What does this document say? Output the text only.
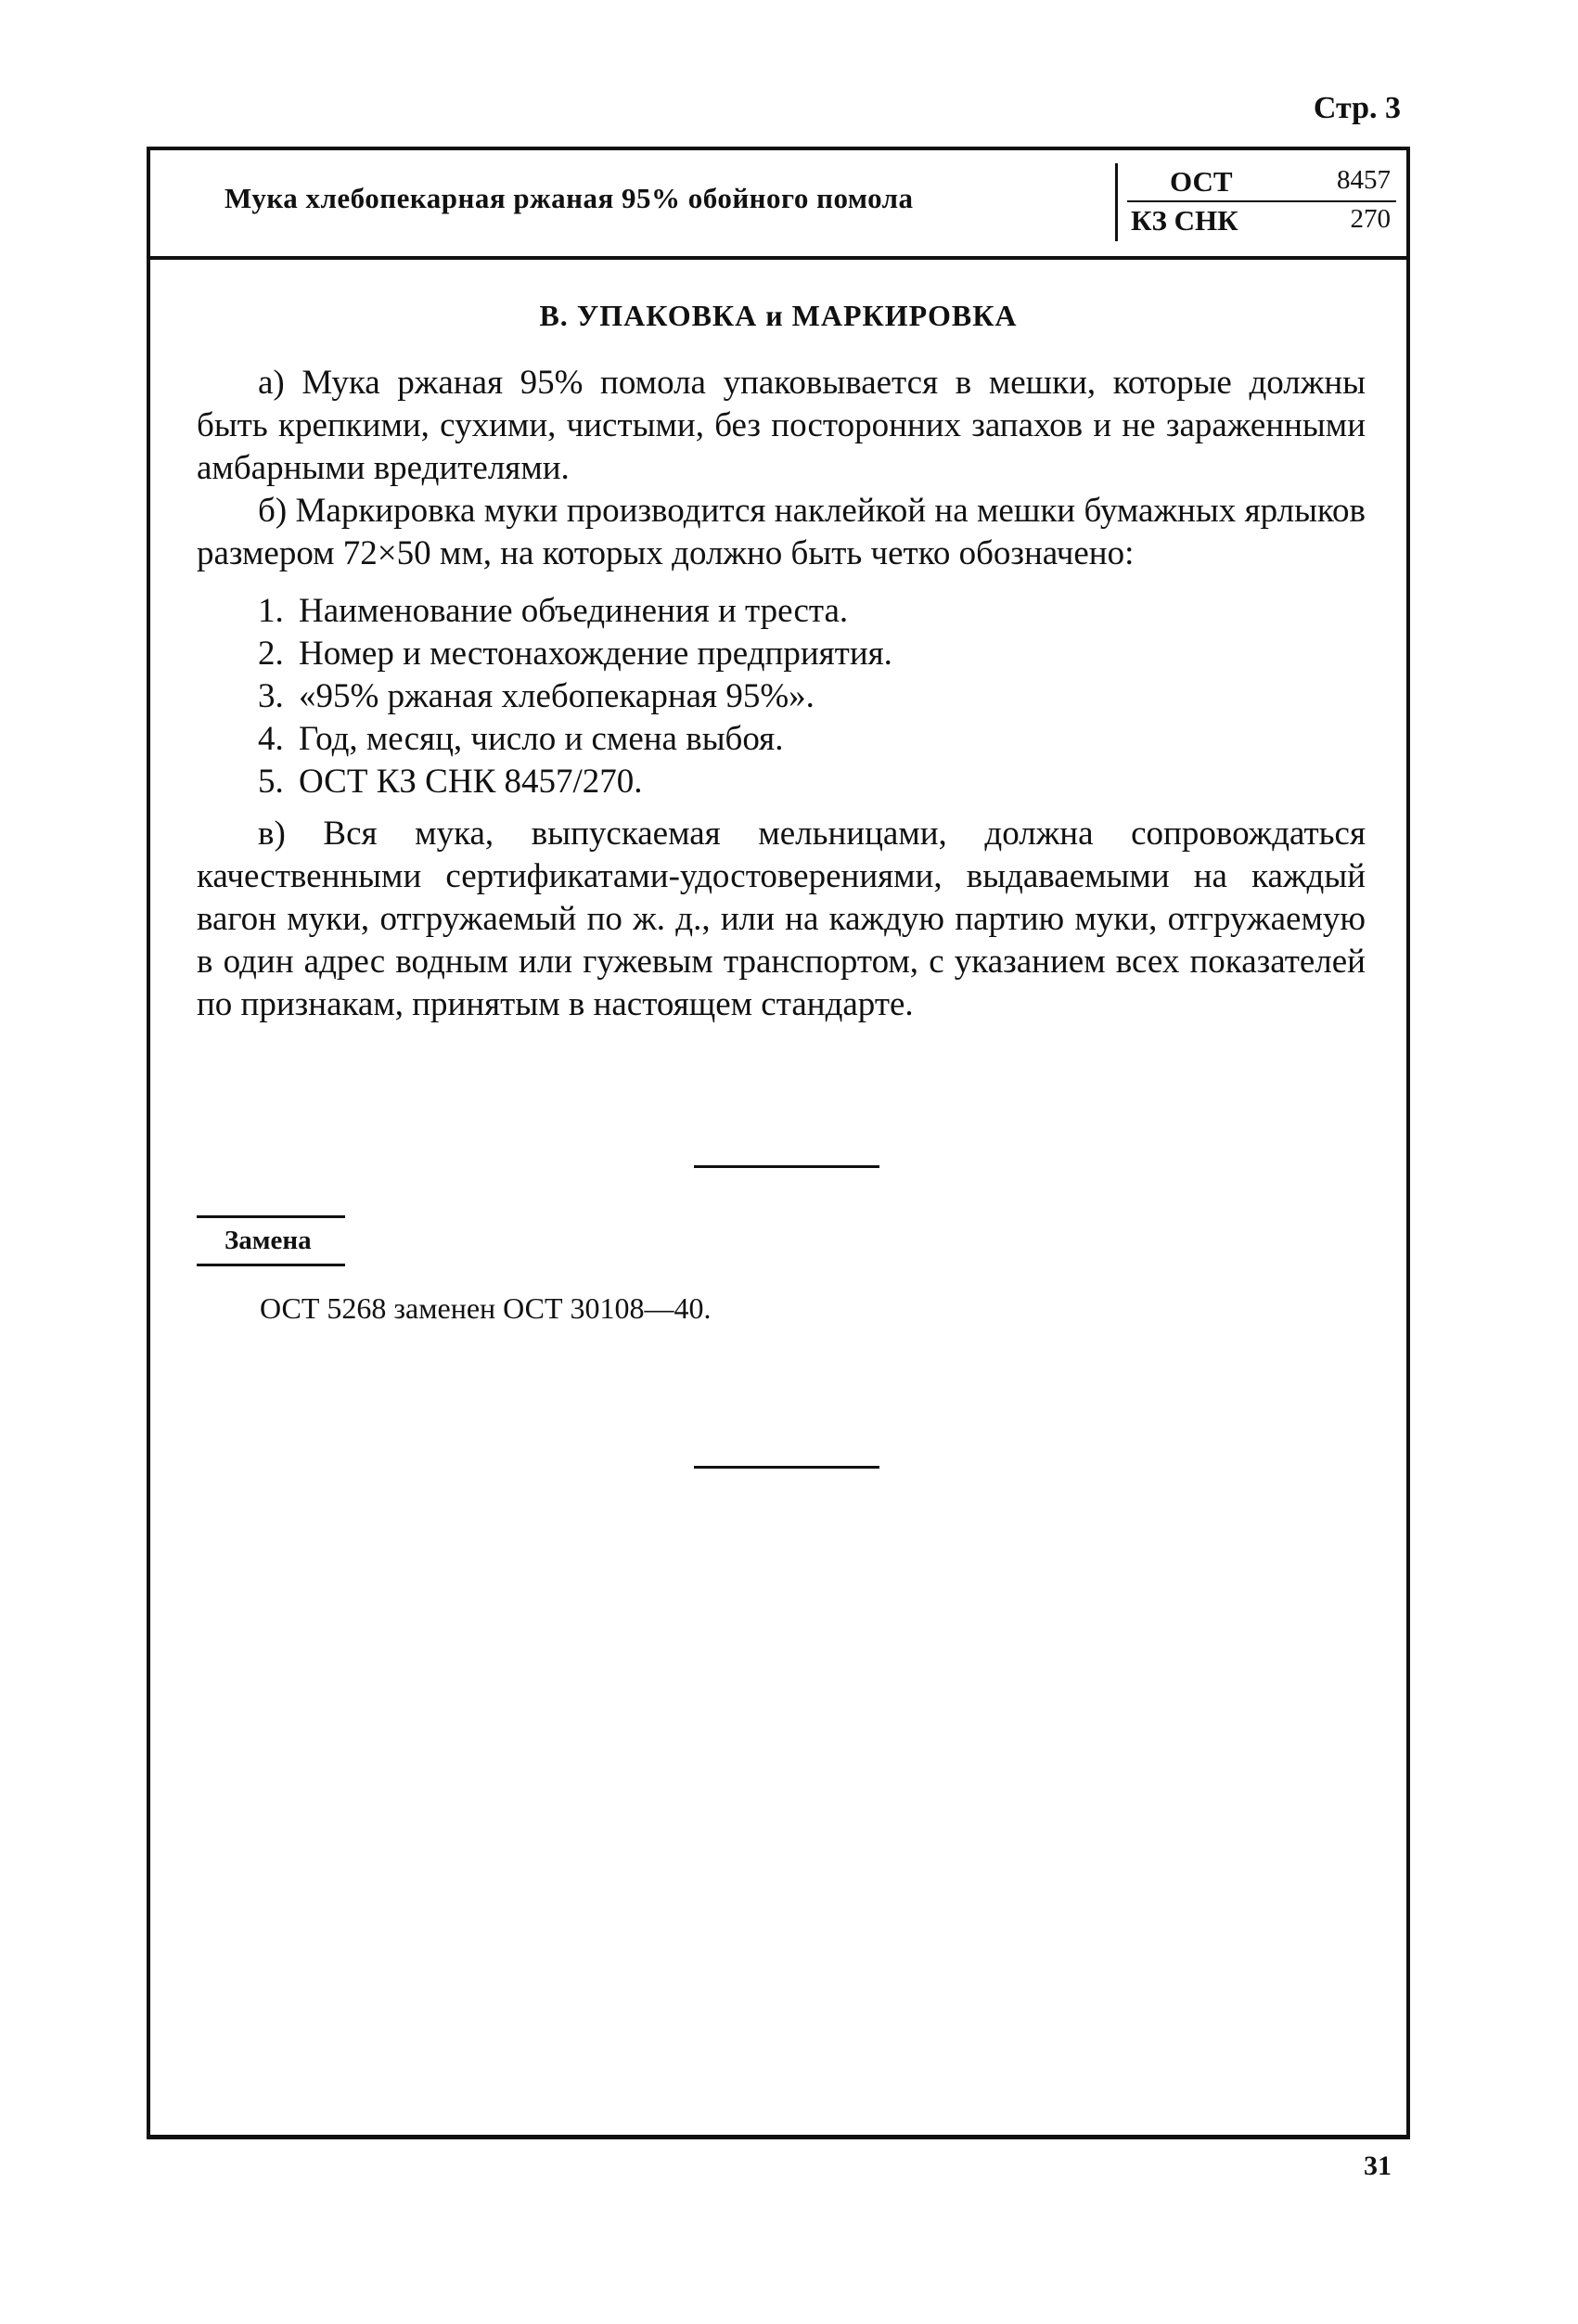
Стр. 3
Мука хлебопекарная ржаная 95% обойного помола
ОСТ	8457
КЗ СНК	270
В. УПАКОВКА и МАРКИРОВКА

а) Мука ржаная 95% помола упаковывается в мешки, которые должны быть крепкими, сухими, чистыми, без посторонних запахов и не зараженными амбарными вредителями.

б) Маркировка муки производится наклейкой на мешки бумажных ярлыков размером 72×50 мм, на которых должно быть четко обозначено:

1. Наименование объединения и треста.
2. Номер и местонахождение предприятия.
3. «95% ржаная хлебопекарная 95%».
4. Год, месяц, число и смена выбоя.
5. ОСТ КЗ СНК 8457/270.

в) Вся мука, выпускаемая мельницами, должна сопровождаться качественными сертификатами-удостоверениями, выдаваемыми на каждый вагон муки, отгружаемый по ж. д., или на каждую партию муки, отгружаемую в один адрес водным или гужевым транспортом, с указанием всех показателей по признакам, принятым в настоящем стандарте.

Замена
ОСТ 5268 заменен ОСТ 30108—40.
31
